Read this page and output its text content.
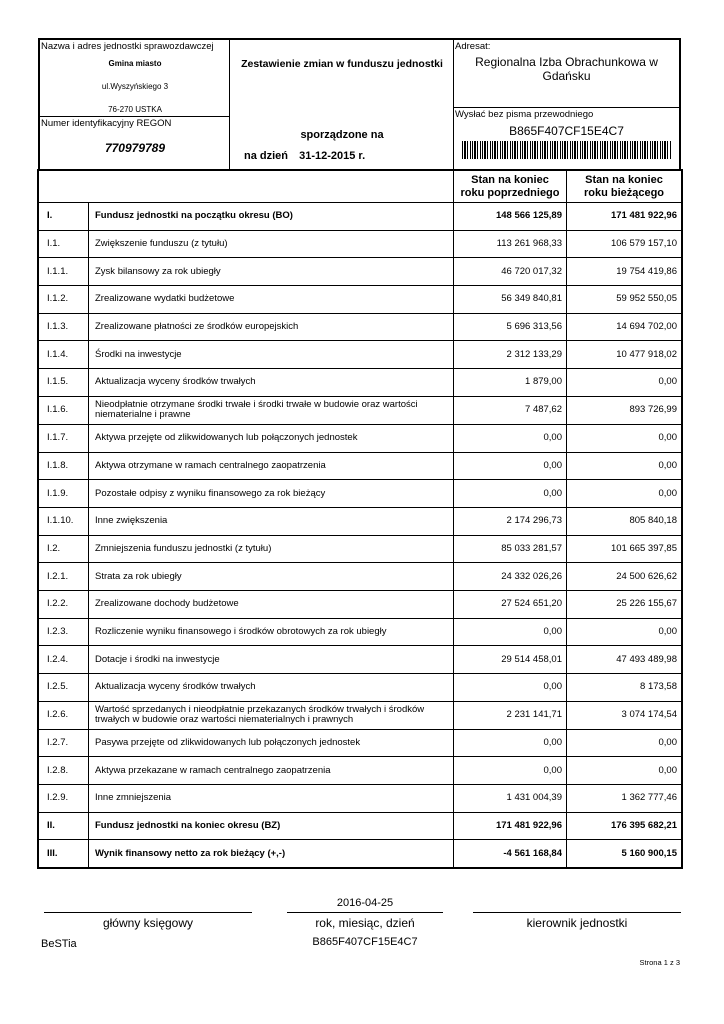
Nazwa i adres jednostki sprawozdawczej
Gmina miasto
ul.Wyszyńskiego 3
76-270 USTKA
Numer identyfikacyjny REGON
770979789
Zestawienie zmian w funduszu jednostki
sporządzone na
na dzień 31-12-2015 r.
Adresat:
Regionalna Izba Obrachunkowa w
Gdańsku
Wysłać bez pisma przewodniego
B865F407CF15E4C7
		Stan na koniec roku poprzedniego	Stan na koniec roku bieżącego
I.	Fundusz jednostki na początku okresu (BO)	148 566 125,89	171 481 922,96
I.1.	Zwiększenie funduszu (z tytułu)	113 261 968,33	106 579 157,10
I.1.1.	Zysk bilansowy za rok ubiegły	46 720 017,32	19 754 419,86
I.1.2.	Zrealizowane wydatki budżetowe	56 349 840,81	59 952 550,05
I.1.3.	Zrealizowane płatności ze środków europejskich	5 696 313,56	14 694 702,00
I.1.4.	Środki na inwestycje	2 312 133,29	10 477 918,02
I.1.5.	Aktualizacja wyceny środków trwałych	1 879,00	0,00
I.1.6.	Nieodpłatnie otrzymane środki trwałe i środki trwałe w budowie oraz wartości niematerialne i prawne	7 487,62	893 726,99
I.1.7.	Aktywa przejęte od zlikwidowanych lub połączonych jednostek	0,00	0,00
I.1.8.	Aktywa otrzymane w ramach centralnego zaopatrzenia	0,00	0,00
I.1.9.	Pozostałe odpisy z wyniku finansowego za rok bieżący	0,00	0,00
I.1.10.	Inne zwiększenia	2 174 296,73	805 840,18
I.2.	Zmniejszenia funduszu jednostki (z tytułu)	85 033 281,57	101 665 397,85
I.2.1.	Strata za rok ubiegły	24 332 026,26	24 500 626,62
I.2.2.	Zrealizowane dochody budżetowe	27 524 651,20	25 226 155,67
I.2.3.	Rozliczenie wyniku finansowego i środków obrotowych za rok ubiegły	0,00	0,00
I.2.4.	Dotacje i środki na inwestycje	29 514 458,01	47 493 489,98
I.2.5.	Aktualizacja wyceny środków trwałych	0,00	8 173,58
I.2.6.	Wartość sprzedanych i nieodpłatnie przekazanych środków trwałych i środków trwałych w budowie oraz wartości niematerialnych i prawnych	2 231 141,71	3 074 174,54
I.2.7.	Pasywa przejęte od zlikwidowanych lub połączonych jednostek	0,00	0,00
I.2.8.	Aktywa przekazane w ramach centralnego zaopatrzenia	0,00	0,00
I.2.9.	Inne zmniejszenia	1 431 004,39	1 362 777,46
II.	Fundusz jednostki na koniec okresu (BZ)	171 481 922,96	176 395 682,21
III.	Wynik finansowy netto za rok bieżący (+,-)	-4 561 168,84	5 160 900,15
2016-04-25
główny księgowy	rok, miesiąc, dzień	kierownik jednostki
BeSTia	B865F407CF15E4C7
Strona 1 z 3
